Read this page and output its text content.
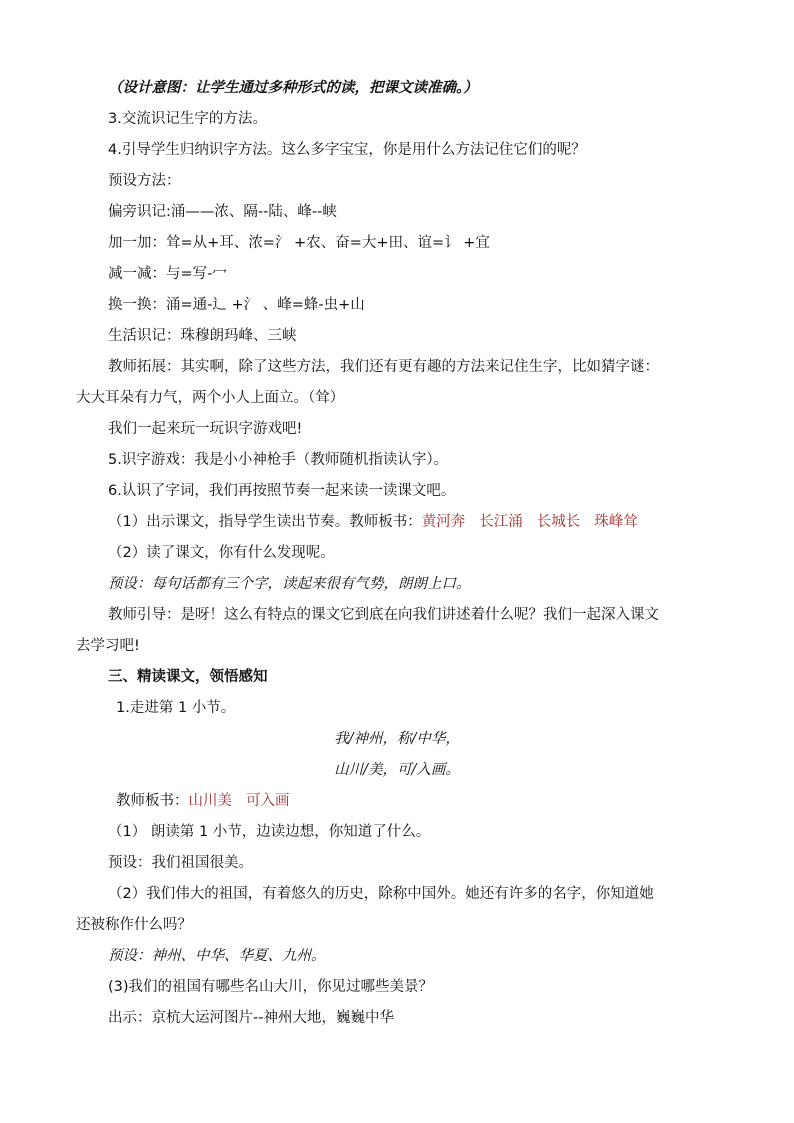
（设计意图：让学生通过多种形式的读，把课文读准确。）
3.交流识记生字的方法。
4.引导学生归纳识字方法。这么多字宝宝，你是用什么方法记住它们的呢？
预设方法：
偏旁识记:涌——浓、隔--陆、峰--峡
加一加：耸=从+耳、浓=氵 +农、奋=大+田、谊=讠 +宜
减一减：与=写-冖
换一换：涌=通-辶 +氵 、峰=蜂-虫+山
生活识记：珠穆朗玛峰、三峡
教师拓展：其实啊，除了这些方法，我们还有更有趣的方法来记住生字，比如猜字谜：
大大耳朵有力气，两个小人上面立。（耸）
我们一起来玩一玩识字游戏吧!
5.识字游戏：我是小小神枪手（教师随机指读认字）。
6.认识了字词，我们再按照节奏一起来读一读课文吧。
（1）出示课文，指导学生读出节奏。教师板书：黄河奔 长江涌 长城长 珠峰耸
（2）读了课文，你有什么发现呢。
预设：每句话都有三个字，读起来很有气势，朗朗上口。
教师引导：是呀！这么有特点的课文它到底在向我们讲述着什么呢？我们一起深入课文
去学习吧!
三、精读课文，领悟感知
1.走进第 1 小节。
我/神州，称/中华，
山川/美，可/入画。
教师板书：山川美 可入画
（1） 朗读第 1 小节，边读边想，你知道了什么。
预设：我们祖国很美。
（2）我们伟大的祖国，有着悠久的历史，除称中国外。她还有许多的名字，你知道她
还被称作什么吗？
预设：神州、中华、华夏、九州。
(3)我们的祖国有哪些名山大川，你见过哪些美景？
出示：京杭大运河图片--神州大地，巍巍中华
